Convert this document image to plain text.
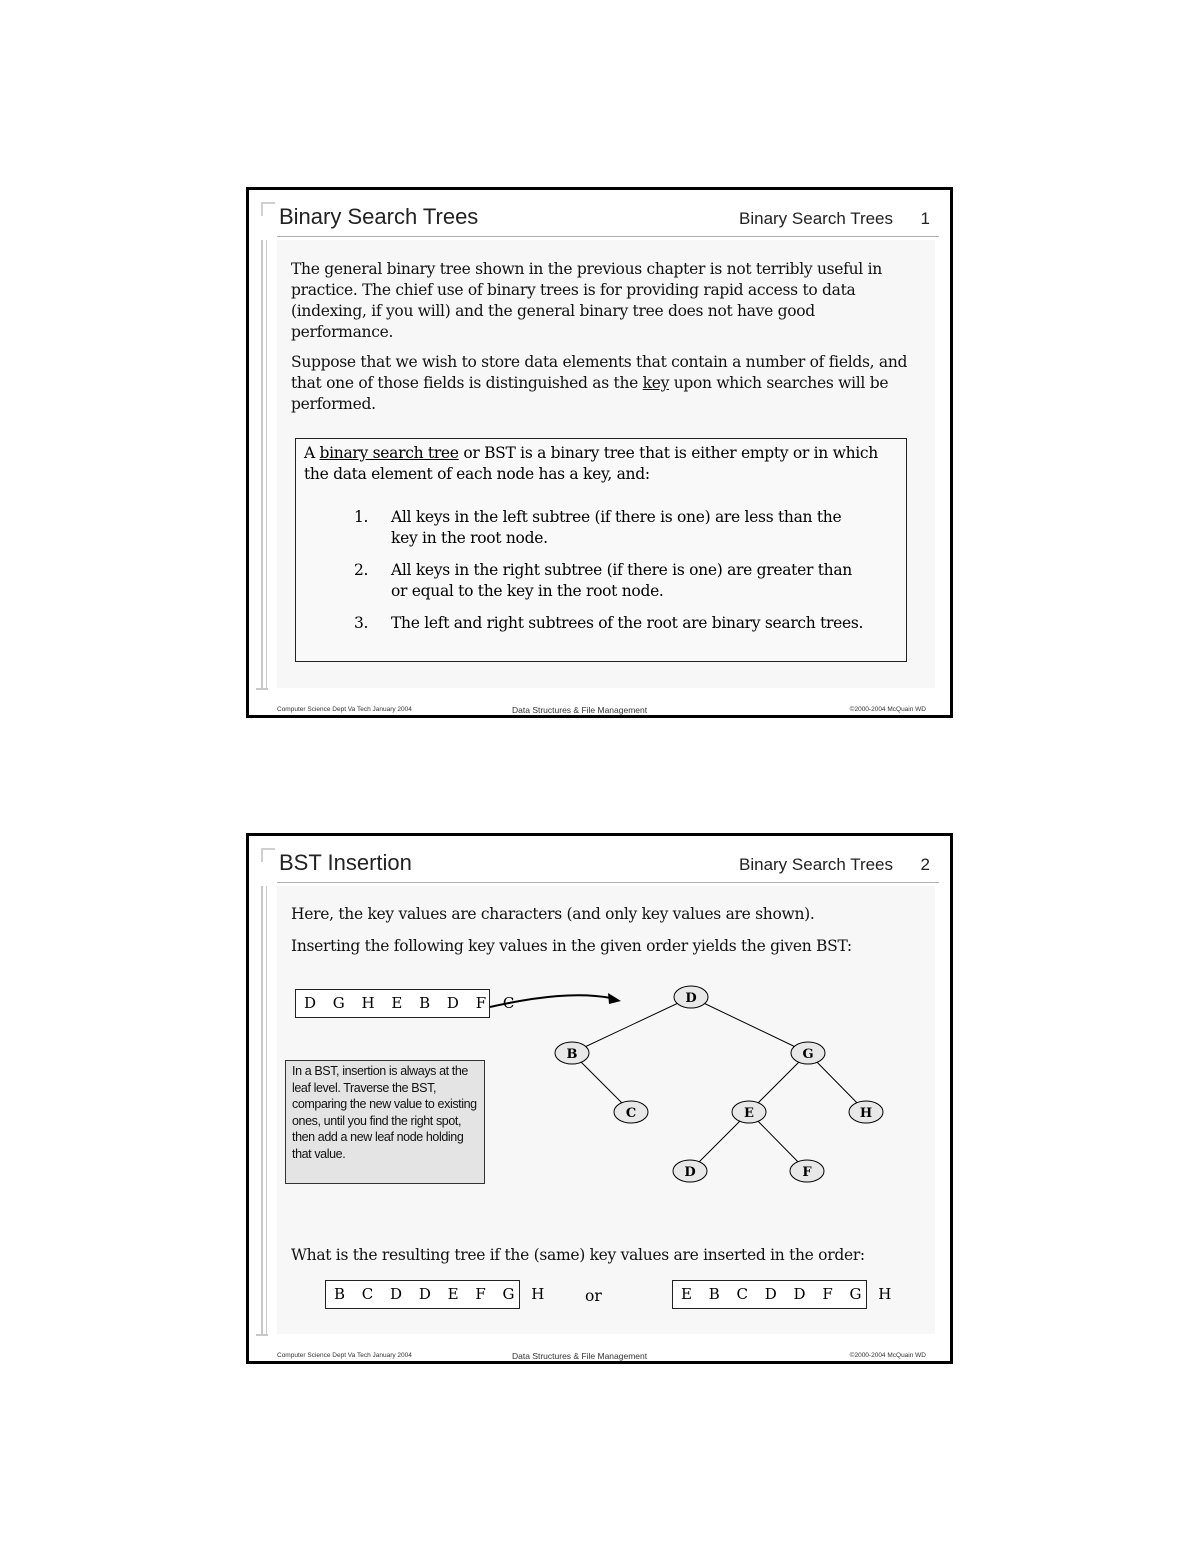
Binary Search Trees	Binary Search Trees 1

The general binary tree shown in the previous chapter is not terribly useful in practice. The chief use of binary trees is for providing rapid access to data (indexing, if you will) and the general binary tree does not have good performance.

Suppose that we wish to store data elements that contain a number of fields, and that one of those fields is distinguished as the key upon which searches will be performed.

A binary search tree or BST is a binary tree that is either empty or in which the data element of each node has a key, and:
1. All keys in the left subtree (if there is one) are less than the key in the root node.
2. All keys in the right subtree (if there is one) are greater than or equal to the key in the root node.
3. The left and right subtrees of the root are binary search trees.
Computer Science Dept Va Tech January 2004	Data Structures & File Management	©2000-2004 McQuain WD
BST Insertion	Binary Search Trees 2

Here, the key values are characters (and only key values are shown).

Inserting the following key values in the given order yields the given BST:

D G H E B D F C	D
B	G
C	E	H
D	F
In a BST, insertion is always at the leaf level. Traverse the BST, comparing the new value to existing ones, until you find the right spot, then add a new leaf node holding that value.
What is the resulting tree if the (same) key values are inserted in the order:
B C D D E F G H or	E B C D D F G H
Computer Science Dept Va Tech January 2004	Data Structures & File Management	©2000-2004 McQuain WD
